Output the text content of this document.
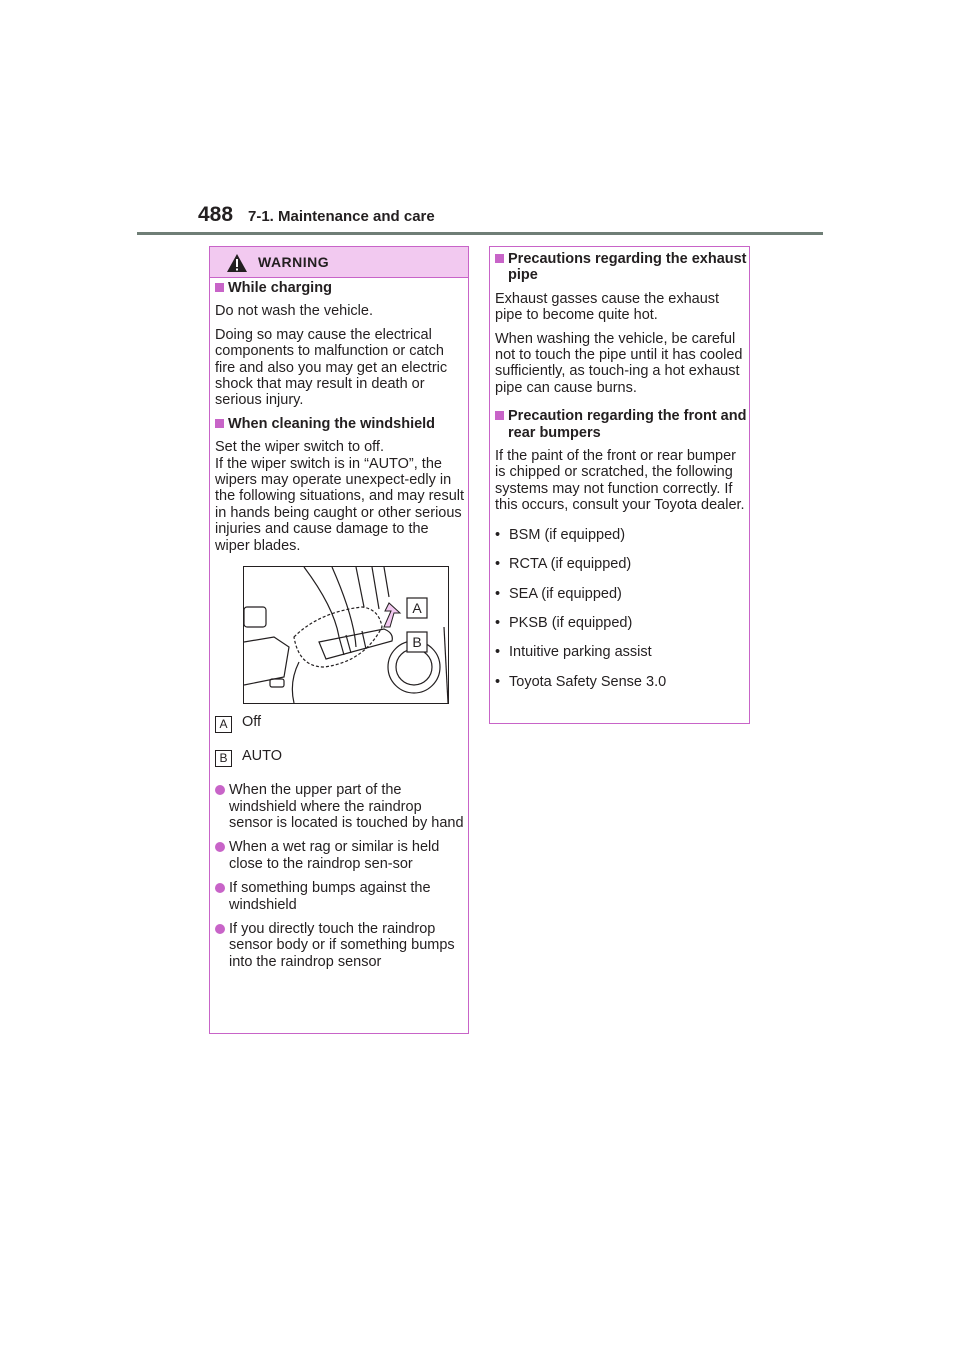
488 7-1. Maintenance and care
WARNING
While charging

Do not wash the vehicle.

Doing so may cause the electrical components to malfunction or catch fire and also you may get an electric shock that may result in death or serious injury.

When cleaning the windshield

Set the wiper switch to off.

If the wiper switch is in “AUTO”, the wipers may operate unexpect-edly in the following situations, and may result in hands being caught or other serious injuries and cause damage to the wiper blades.

A
B
A Off
B AUTO
When the upper part of the windshield where the raindrop sensor is located is touched by hand
When a wet rag or similar is held close to the raindrop sen-sor
If something bumps against the windshield
If you directly touch the raindrop sensor body or if something bumps into the raindrop sensor
Precautions regarding the exhaust pipe

Exhaust gasses cause the exhaust pipe to become quite hot.

When washing the vehicle, be careful not to touch the pipe until it has cooled sufficiently, as touch-ing a hot exhaust pipe can cause burns.

Precaution regarding the front and rear bumpers

If the paint of the front or rear bumper is chipped or scratched, the following systems may not function correctly. If this occurs, consult your Toyota dealer.

• BSM (if equipped)
• RCTA (if equipped)
• SEA (if equipped)
• PKSB (if equipped)
• Intuitive parking assist
• Toyota Safety Sense 3.0
